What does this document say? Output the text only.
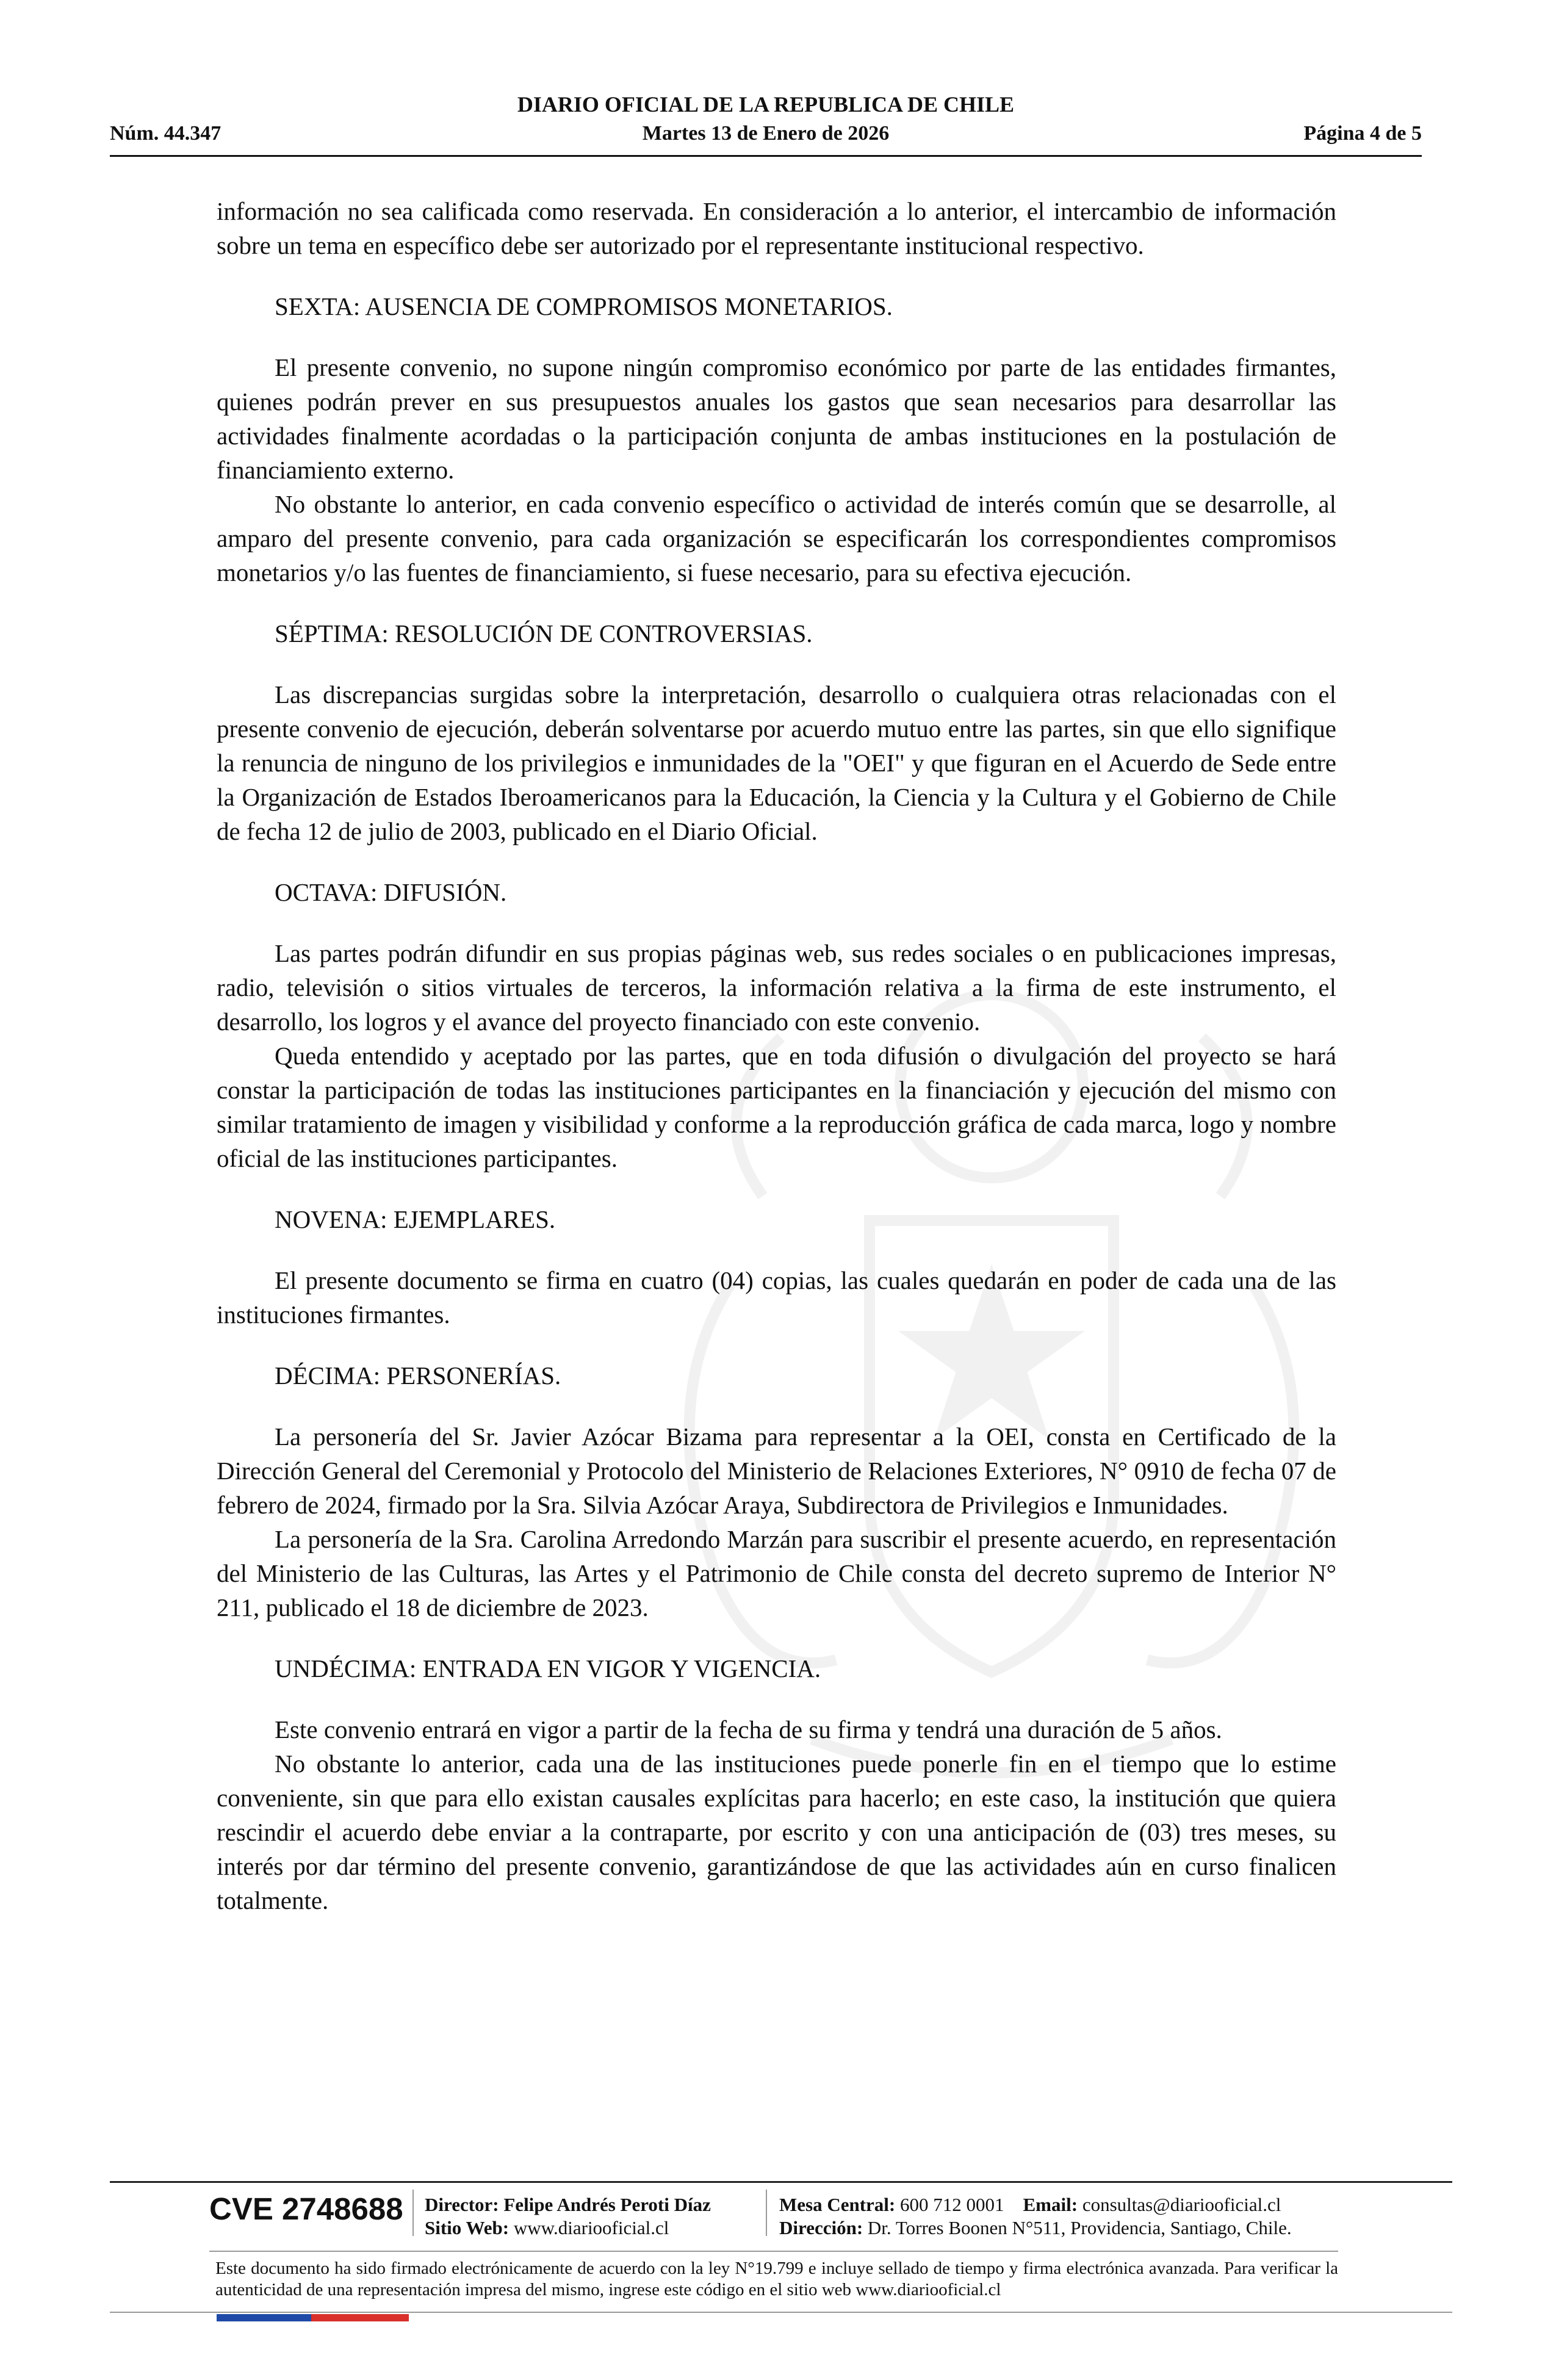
DIARIO OFICIAL DE LA REPUBLICA DE CHILE
Núm. 44.347	Martes 13 de Enero de 2026	Página 4 de 5

información no sea calificada como reservada. En consideración a lo anterior, el intercambio de información sobre un tema en específico debe ser autorizado por el representante institucional respectivo.

SEXTA: AUSENCIA DE COMPROMISOS MONETARIOS.

El presente convenio, no supone ningún compromiso económico por parte de las entidades firmantes, quienes podrán prever en sus presupuestos anuales los gastos que sean necesarios para desarrollar las actividades finalmente acordadas o la participación conjunta de ambas instituciones en la postulación de financiamiento externo.

No obstante lo anterior, en cada convenio específico o actividad de interés común que se desarrolle, al amparo del presente convenio, para cada organización se especificarán los correspondientes compromisos monetarios y/o las fuentes de financiamiento, si fuese necesario, para su efectiva ejecución.

SÉPTIMA: RESOLUCIÓN DE CONTROVERSIAS.

Las discrepancias surgidas sobre la interpretación, desarrollo o cualquiera otras relacionadas con el presente convenio de ejecución, deberán solventarse por acuerdo mutuo entre las partes, sin que ello signifique la renuncia de ninguno de los privilegios e inmunidades de la "OEI" y que figuran en el Acuerdo de Sede entre la Organización de Estados Iberoamericanos para la Educación, la Ciencia y la Cultura y el Gobierno de Chile de fecha 12 de julio de 2003, publicado en el Diario Oficial.

OCTAVA: DIFUSIÓN.

Las partes podrán difundir en sus propias páginas web, sus redes sociales o en publicaciones impresas, radio, televisión o sitios virtuales de terceros, la información relativa a la firma de este instrumento, el desarrollo, los logros y el avance del proyecto financiado con este convenio.

Queda entendido y aceptado por las partes, que en toda difusión o divulgación del proyecto se hará constar la participación de todas las instituciones participantes en la financiación y ejecución del mismo con similar tratamiento de imagen y visibilidad y conforme a la reproducción gráfica de cada marca, logo y nombre oficial de las instituciones participantes.

NOVENA: EJEMPLARES.

El presente documento se firma en cuatro (04) copias, las cuales quedarán en poder de cada una de las instituciones firmantes.

DÉCIMA: PERSONERÍAS.

La personería del Sr. Javier Azócar Bizama para representar a la OEI, consta en Certificado de la Dirección General del Ceremonial y Protocolo del Ministerio de Relaciones Exteriores, N° 0910 de fecha 07 de febrero de 2024, firmado por la Sra. Silvia Azócar Araya, Subdirectora de Privilegios e Inmunidades.

La personería de la Sra. Carolina Arredondo Marzán para suscribir el presente acuerdo, en representación del Ministerio de las Culturas, las Artes y el Patrimonio de Chile consta del decreto supremo de Interior N° 211, publicado el 18 de diciembre de 2023.

UNDÉCIMA: ENTRADA EN VIGOR Y VIGENCIA.

Este convenio entrará en vigor a partir de la fecha de su firma y tendrá una duración de 5 años.

No obstante lo anterior, cada una de las instituciones puede ponerle fin en el tiempo que lo estime conveniente, sin que para ello existan causales explícitas para hacerlo; en este caso, la institución que quiera rescindir el acuerdo debe enviar a la contraparte, por escrito y con una anticipación de (03) tres meses, su interés por dar término del presente convenio, garantizándose de que las actividades aún en curso finalicen totalmente.

CVE 2748688 Director: Felipe Andrés Peroti Díaz
Sitio Web: www.diariooficial.cl
Mesa Central: 600 712 0001 Email: consultas@diariooficial.cl
Dirección: Dr. Torres Boonen N°511, Providencia, Santiago, Chile.
Este documento ha sido firmado electrónicamente de acuerdo con la ley N°19.799 e incluye sellado de tiempo y firma electrónica avanzada. Para verificar la autenticidad de una representación impresa del mismo, ingrese este código en el sitio web www.diariooficial.cl
